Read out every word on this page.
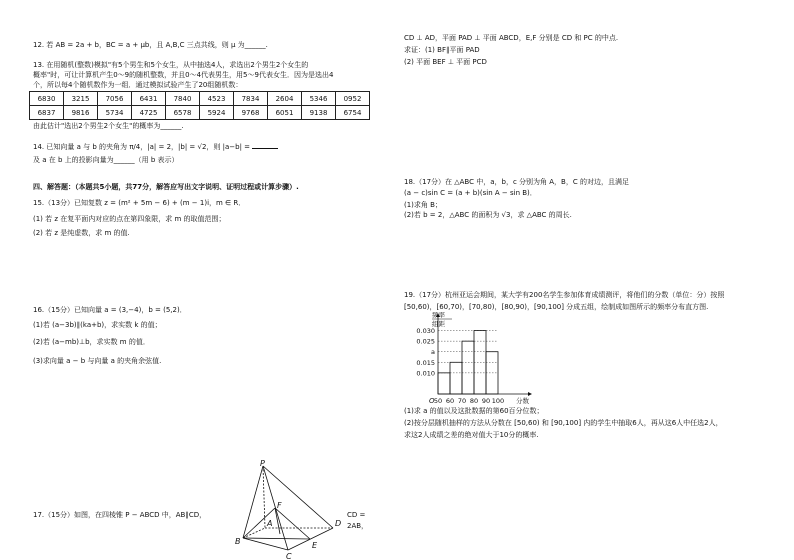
12. 若 AB = 2a + b，BC = a + μb，且 A,B,C 三点共线，则 μ 为______.
13. 在用随机(整数)模拟"有5个男生和5个女生，从中抽选4人，求选出2个男生2个女生的
概率"时，可让计算机产生0～9的随机整数，并且0～4代表男生，用5～9代表女生．因为是选出4
个，所以每4个随机数作为一组．通过模拟试验产生了20组随机数：
6830	3215	7056	6431	7840	4523	7834	2604	5346	0952
6837	9816	5734	4725	6578	5924	9768	6051	9138	6754
由此估计"选出2个男生2个女生"的概率为______.
14. 已知向量 a 与 b 的夹角为 π/4，|a| = 2，|b| = √2，则 |a−b| =
及 a 在 b 上的投影向量为______（用 b 表示）
四、解答题：（本题共5小题，共77分，解答应写出文字说明、证明过程或计算步骤）.
15.（13分）已知复数 z = (m² + 5m − 6) + (m − 1)i，m ∈ R．
(1) 若 z 在复平面内对应的点在第四象限，求 m 的取值范围；
(2) 若 z 是纯虚数，求 m 的值.
16.（15分）已知向量 a = (3,−4)，b = (5,2)．
(1)若 (a−3b)∥(ka+b)，求实数 k 的值；
(2)若 (a−mb)⊥b，求实数 m 的值．
(3)求向量 a − b 与向量 a 的夹角余弦值.
17.（15分）如图，在四棱锥 P − ABCD 中，AB∥CD，	CD = 2AB，
P
F
A	D
B
C
E
CD ⊥ AD，平面 PAD ⊥ 平面 ABCD，E,F 分别是 CD 和 PC 的中点.
求证：(1) BF∥平面 PAD
(2) 平面 BEF ⊥ 平面 PCD
18.（17分）在 △ABC 中，a，b，c 分别为角 A，B，C 的对边，且满足
(a − c)sin C = (a + b)(sin A − sin B)．
(1)求角 B；
(2)若 b = 2，△ABC 的面积为 √3，求 △ABC 的周长.
19.（17分）杭州亚运会期间，某大学有200名学生参加体育成绩测评，将他们的分数（单位：分）按照
[50,60)，[60,70)，[70,80)，[80,90)，[90,100] 分成五组，绘制成如图所示的频率分布直方图.
0.030
0.025
a
0.015
0.010
50 60 70 80 90 100 分数
O
频率
组距
(1)求 a 的值以及这批数据的第60百分位数；
(2)按分层随机抽样的方法从分数在 [50,60) 和 [90,100] 内的学生中抽取6人，再从这6人中任选2人，
求这2人成绩之差的绝对值大于10分的概率.
